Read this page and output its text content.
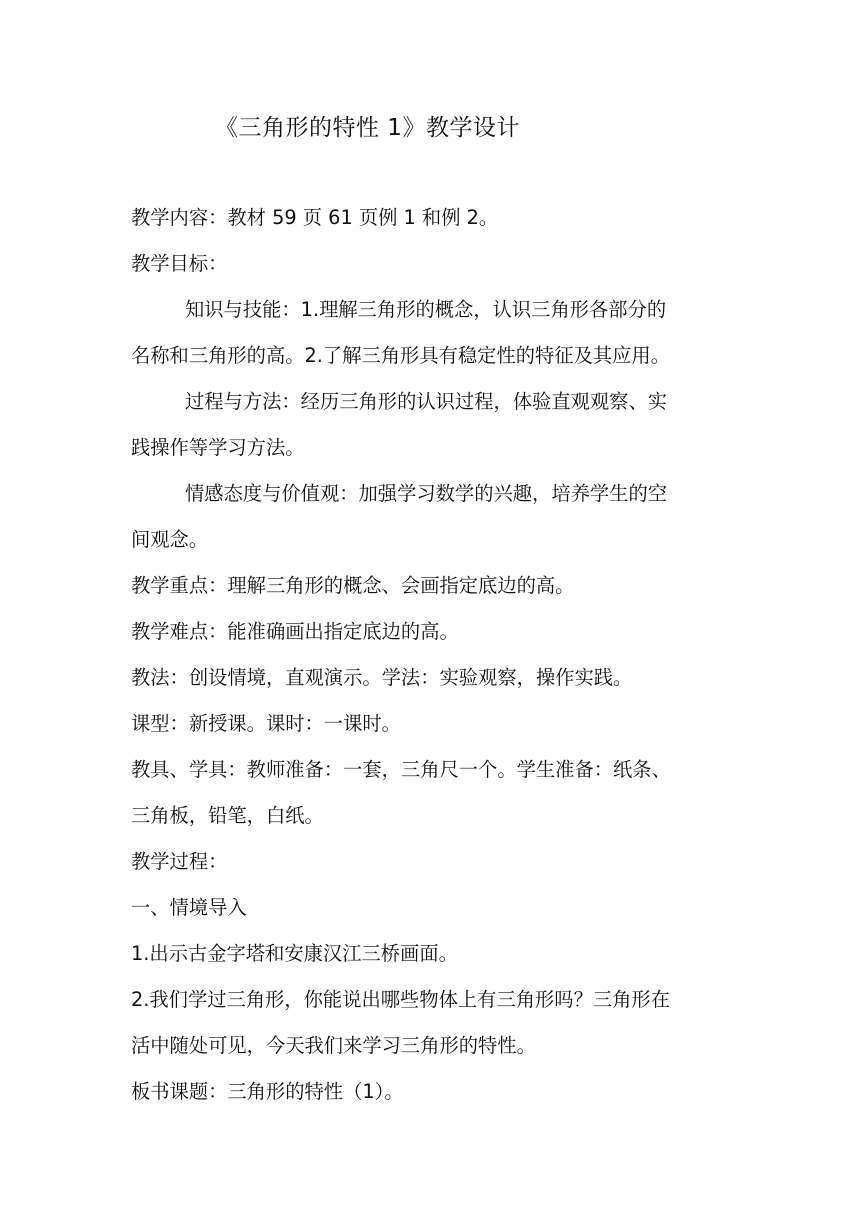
《三角形的特性 1》教学设计
教学内容：教材 59 页 61 页例 1 和例 2。
教学目标：
知识与技能：1.理解三角形的概念，认识三角形各部分的
名称和三角形的高。2.了解三角形具有稳定性的特征及其应用。
过程与方法：经历三角形的认识过程，体验直观观察、实
践操作等学习方法。
情感态度与价值观：加强学习数学的兴趣，培养学生的空
间观念。
教学重点：理解三角形的概念、会画指定底边的高。
教学难点：能准确画出指定底边的高。
教法：创设情境，直观演示。学法：实验观察，操作实践。
课型：新授课。课时：一课时。
教具、学具：教师准备：一套，三角尺一个。学生准备：纸条、
三角板，铅笔，白纸。
教学过程：
一、情境导入
1.出示古金字塔和安康汉江三桥画面。
2.我们学过三角形，你能说出哪些物体上有三角形吗？三角形在
活中随处可见，今天我们来学习三角形的特性。
板书课题：三角形的特性（1）。
